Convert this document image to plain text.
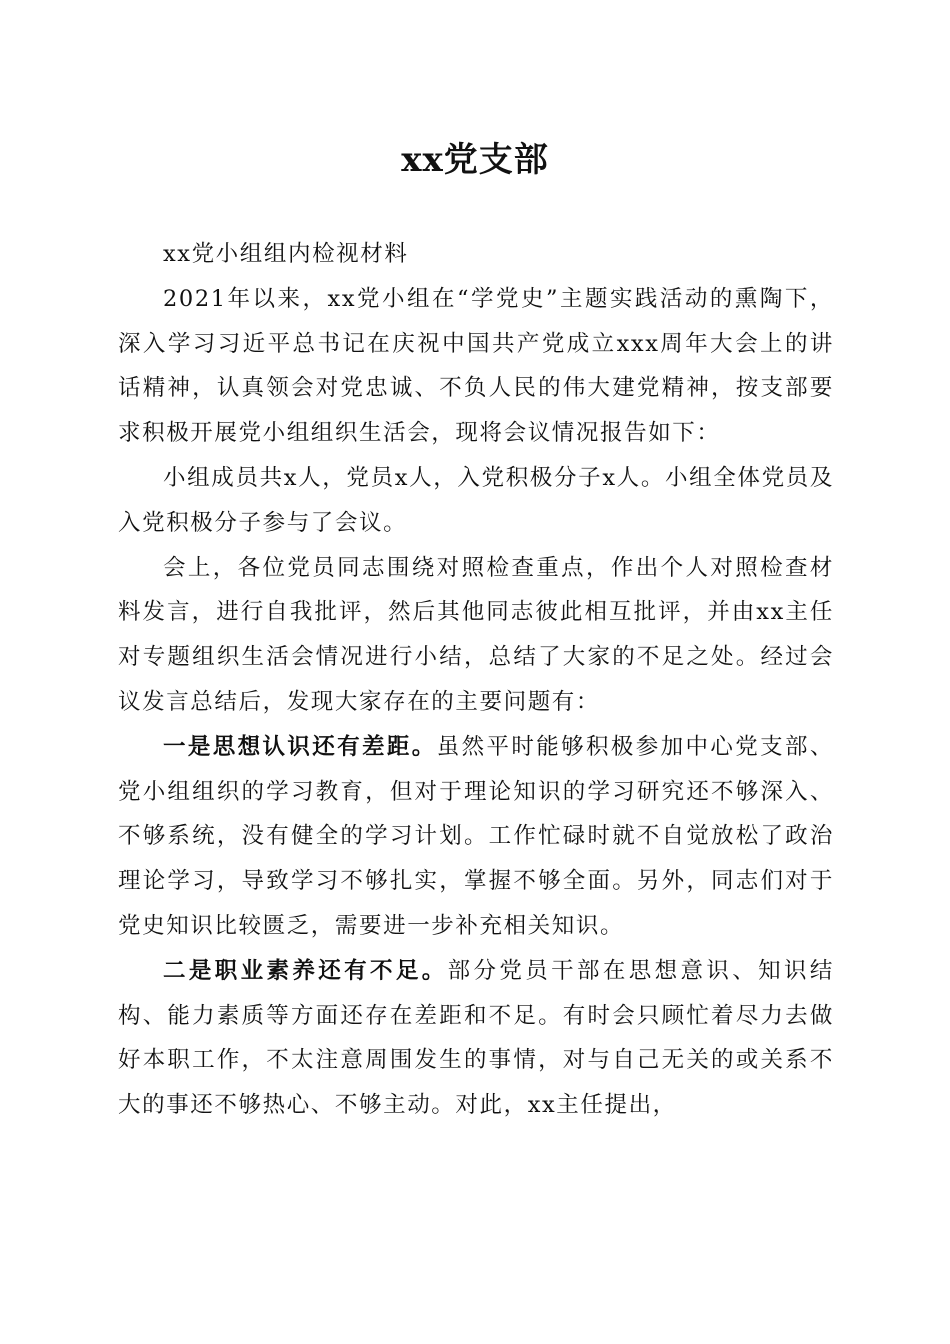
xx党支部

xx党小组组内检视材料

2021年以来，xx党小组在“学党史”主题实践活动的熏陶下，深入学习习近平总书记在庆祝中国共产党成立xxx周年大会上的讲话精神，认真领会对党忠诚、不负人民的伟大建党精神，按支部要求积极开展党小组组织生活会，现将会议情况报告如下：

小组成员共x人，党员x人，入党积极分子x人。小组全体党员及入党积极分子参与了会议。

会上，各位党员同志围绕对照检查重点，作出个人对照检查材料发言，进行自我批评，然后其他同志彼此相互批评，并由xx主任对专题组织生活会情况进行小结，总结了大家的不足之处。经过会议发言总结后，发现大家存在的主要问题有：

一是思想认识还有差距。虽然平时能够积极参加中心党支部、党小组组织的学习教育，但对于理论知识的学习研究还不够深入、不够系统，没有健全的学习计划。工作忙碌时就不自觉放松了政治理论学习，导致学习不够扎实，掌握不够全面。另外，同志们对于党史知识比较匮乏，需要进一步补充相关知识。

二是职业素养还有不足。部分党员干部在思想意识、知识结构、能力素质等方面还存在差距和不足。有时会只顾忙着尽力去做好本职工作，不太注意周围发生的事情，对与自己无关的或关系不大的事还不够热心、不够主动。对此，xx主任提出，
